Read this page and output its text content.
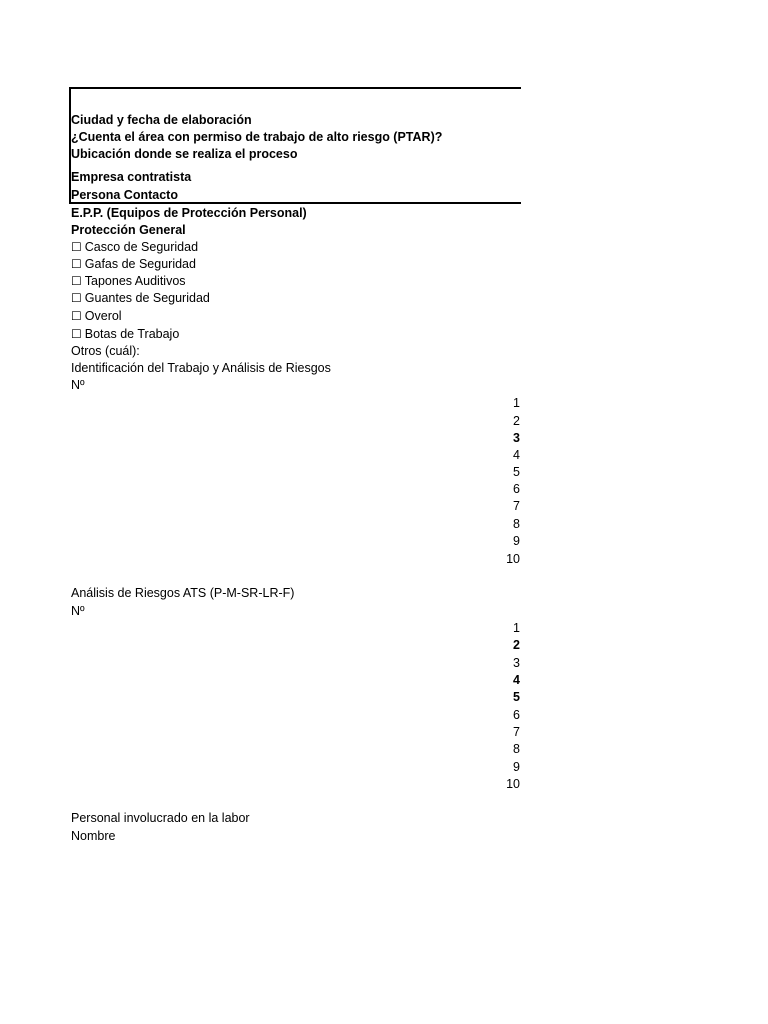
Ciudad y fecha de elaboración
¿Cuenta el área con permiso de trabajo de alto riesgo (PTAR)?
Ubicación donde se realiza el proceso
Empresa contratista
Persona Contacto
E.P.P. (Equipos de Protección Personal)
Protección General
☐ Casco de Seguridad
☐ Gafas de Seguridad
☐ Tapones Auditivos
☐ Guantes de Seguridad
☐ Overol
☐ Botas de Trabajo
Otros (cuál):
Identificación del Trabajo y Análisis de Riesgos
Nº
1
2
3
4
5
6
7
8
9
10
Análisis de Riesgos ATS (P-M-SR-LR-F)
Nº
1
2
3
4
5
6
7
8
9
10
Personal involucrado en la labor
Nombre
